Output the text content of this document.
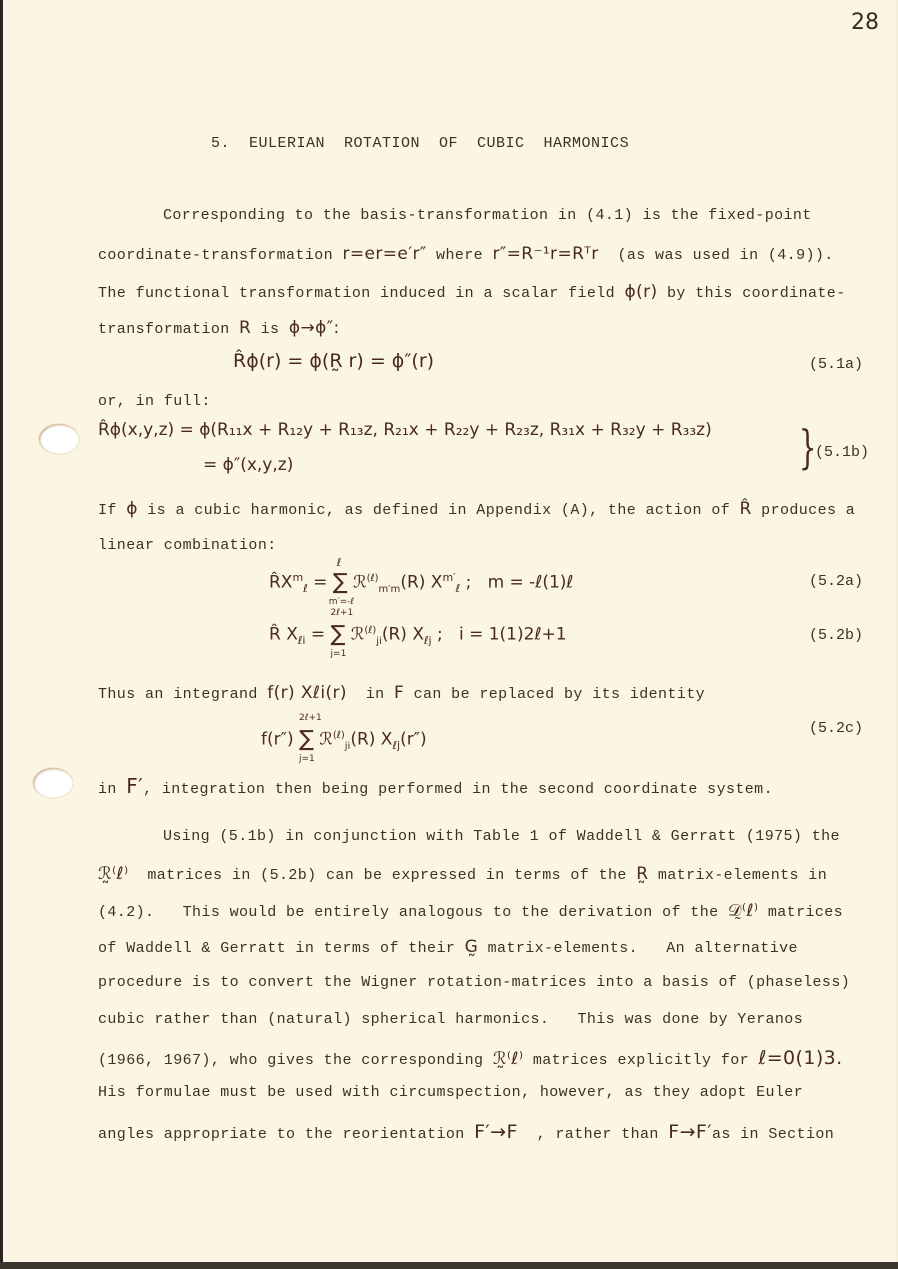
28
5.  EULERIAN  ROTATION  OF  CUBIC  HARMONICS
Corresponding to the basis-transformation in (4.1) is the fixed-point
coordinate-transformation r=er=e′r″ where r″=R⁻¹r=Rᵀr (as was used in (4.9)).
The functional transformation induced in a scalar field ϕ(r) by this coordinate-
transformation R is ϕ→ϕ″:
R̂ϕ(r) = ϕ(R̰ r) = ϕ″(r)	(5.1a)
or, in full:
R̂ϕ(x,y,z) = ϕ(R₁₁x + R₁₂y + R₁₃z, R₂₁x + R₂₂y + R₂₃z, R₃₁x + R₃₂y + R₃₃z)
= ϕ″(x,y,z)	}
(5.1b)
If ϕ is a cubic harmonic, as defined in Appendix (A), the action of R̂ produces a
linear combination:
$R̂X^m_\ell$ =
ℓ
∑
m′=-ℓ
ℛ$^{(\ell)}_{m'm}$(R) $X^{m'}_\ell$ ;   m = -ℓ(1)ℓ	(5.2a)
R̂ $X_{\ell i}$ =
2ℓ+1
∑
j=1
ℛ$^{(\ell)}_{ji}$(R) $X_{\ell j}$ ;   i = 1(1)2ℓ+1	(5.2b)
Thus an integrand f(r) Xℓi(r) in F can be replaced by its identity
f(r″)
2ℓ+1
∑
j=1
ℛ$^{(\ell)}_{ji}$(R) $X_{\ell j}(r'')$
(5.2c)
in F′, integration then being performed in the second coordinate system.
Using (5.1b) in conjunction with Table 1 of Waddell & Gerratt (1975) the
ℛ̰⁽ℓ⁾ matrices in (5.2b) can be expressed in terms of the R̰ matrix-elements in
(4.2).   This would be entirely analogous to the derivation of the 𝒟̰⁽ℓ⁾ matrices
of Waddell & Gerratt in terms of their G̰ matrix-elements.   An alternative
procedure is to convert the Wigner rotation-matrices into a basis of (phaseless)
cubic rather than (natural) spherical harmonics.   This was done by Yeranos
(1966, 1967), who gives the corresponding ℛ̰⁽ℓ⁾ matrices explicitly for ℓ=0(1)3.
His formulae must be used with circumspection, however, as they adopt Euler
angles appropriate to the reorientation F′→F , rather than F→F′as in Section
